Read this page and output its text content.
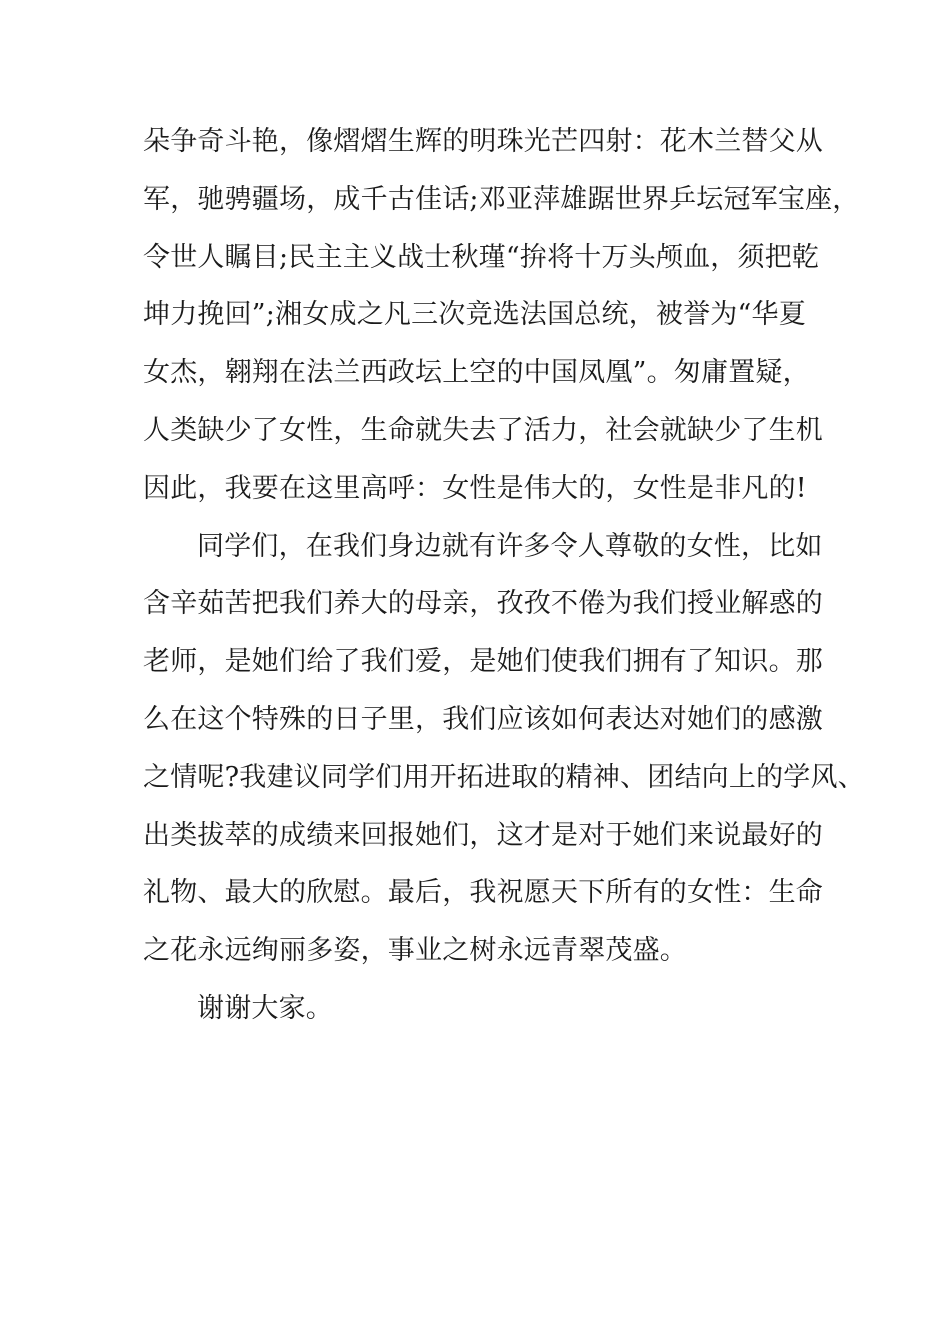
朵争奇斗艳，像熠熠生辉的明珠光芒四射：花木兰替父从
军，驰骋疆场，成千古佳话;邓亚萍雄踞世界乒坛冠军宝座，
令世人瞩目;民主主义战士秋瑾“拚将十万头颅血，须把乾
坤力挽回”;湘女成之凡三次竞选法国总统，被誉为“华夏
女杰，翱翔在法兰西政坛上空的中国凤凰”。匆庸置疑，
人类缺少了女性，生命就失去了活力，社会就缺少了生机
因此，我要在这里高呼：女性是伟大的，女性是非凡的!
同学们，在我们身边就有许多令人尊敬的女性，比如
含辛茹苦把我们养大的母亲，孜孜不倦为我们授业解惑的
老师，是她们给了我们爱，是她们使我们拥有了知识。那
么在这个特殊的日子里，我们应该如何表达对她们的感激
之情呢?我建议同学们用开拓进取的精神、团结向上的学风、
出类拔萃的成绩来回报她们，这才是对于她们来说最好的
礼物、最大的欣慰。最后，我祝愿天下所有的女性：生命
之花永远绚丽多姿，事业之树永远青翠茂盛。
谢谢大家。
